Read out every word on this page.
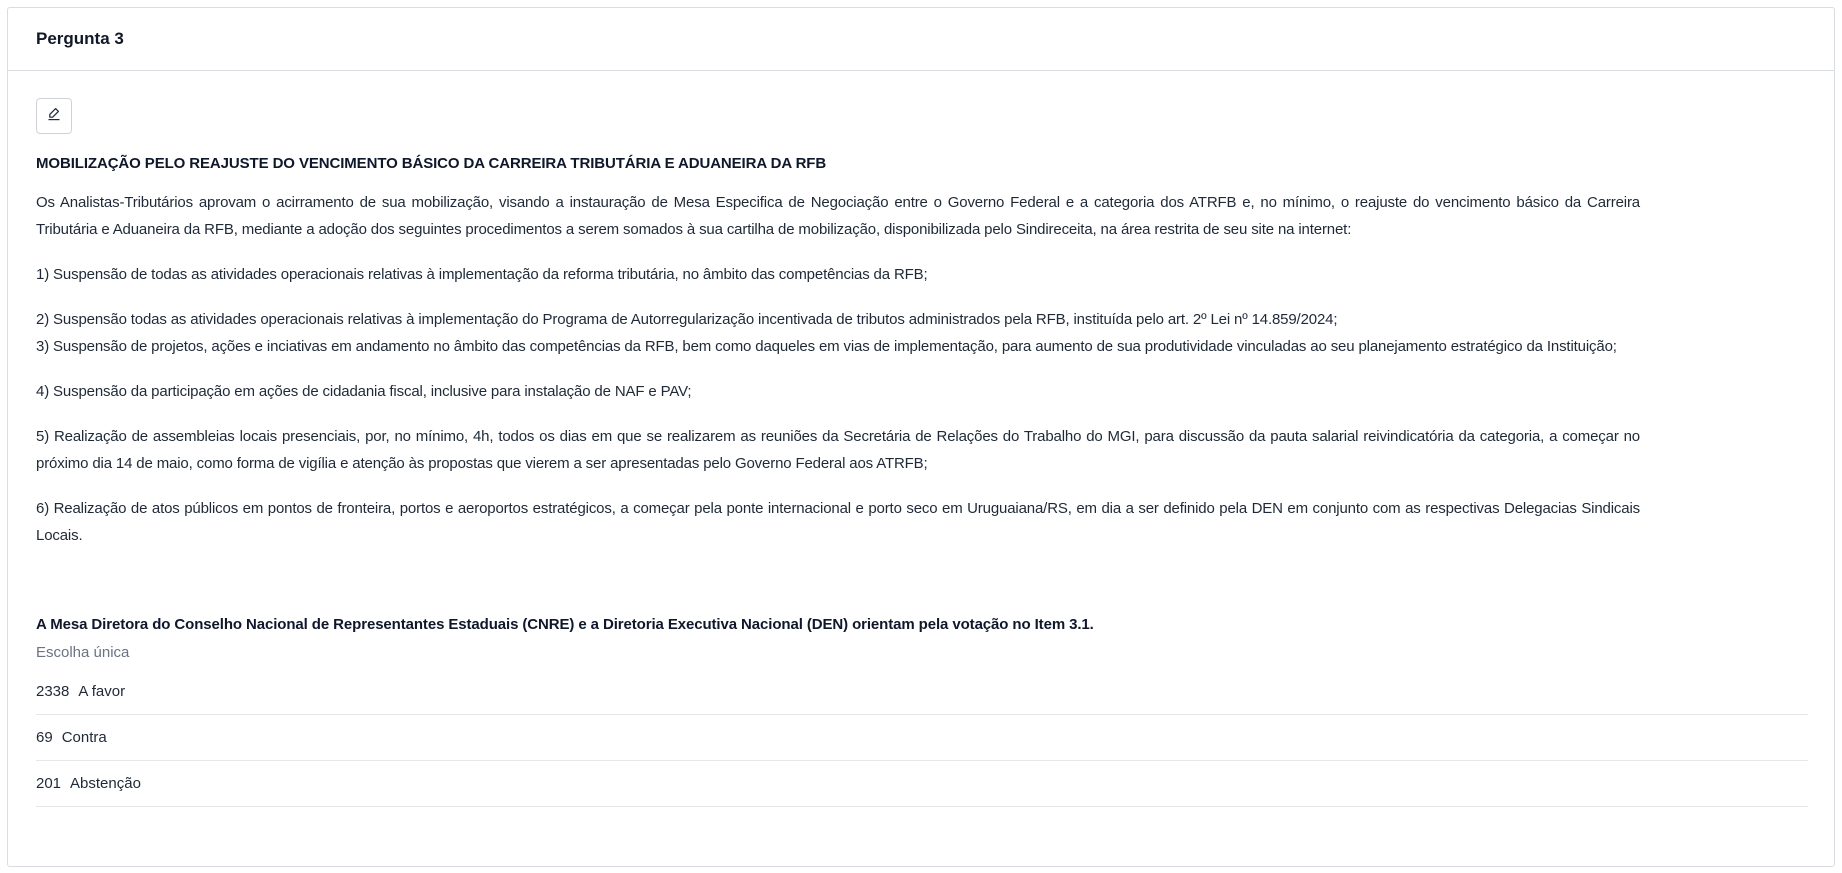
Pergunta 3
MOBILIZAÇÃO PELO REAJUSTE DO VENCIMENTO BÁSICO DA CARREIRA TRIBUTÁRIA E ADUANEIRA DA RFB

Os Analistas-Tributários aprovam o acirramento de sua mobilização, visando a instauração de Mesa Especifica de Negociação entre o Governo Federal e a categoria dos ATRFB e, no mínimo, o reajuste do vencimento básico da Carreira Tributária e Aduaneira da RFB, mediante a adoção dos seguintes procedimentos a serem somados à sua cartilha de mobilização, disponibilizada pelo Sindireceita, na área restrita de seu site na internet:

1) Suspensão de todas as atividades operacionais relativas à implementação da reforma tributária, no âmbito das competências da RFB;

2) Suspensão todas as atividades operacionais relativas à implementação do Programa de Autorregularização incentivada de tributos administrados pela RFB, instituída pelo art. 2º Lei nº 14.859/2024;

3) Suspensão de projetos, ações e inciativas em andamento no âmbito das competências da RFB, bem como daqueles em vias de implementação, para aumento de sua produtividade vinculadas ao seu planejamento estratégico da Instituição;

4) Suspensão da participação em ações de cidadania fiscal, inclusive para instalação de NAF e PAV;

5) Realização de assembleias locais presenciais, por, no mínimo, 4h, todos os dias em que se realizarem as reuniões da Secretária de Relações do Trabalho do MGI, para discussão da pauta salarial reivindicatória da categoria, a começar no próximo dia 14 de maio, como forma de vigília e atenção às propostas que vierem a ser apresentadas pelo Governo Federal aos ATRFB;

6) Realização de atos públicos em pontos de fronteira, portos e aeroportos estratégicos, a começar pela ponte internacional e porto seco em Uruguaiana/RS, em dia a ser definido pela DEN em conjunto com as respectivas Delegacias Sindicais Locais.

A Mesa Diretora do Conselho Nacional de Representantes Estaduais (CNRE) e a Diretoria Executiva Nacional (DEN) orientam pela votação no Item 3.1.
Escolha única
2338 A favor
69 Contra
201 Abstenção
